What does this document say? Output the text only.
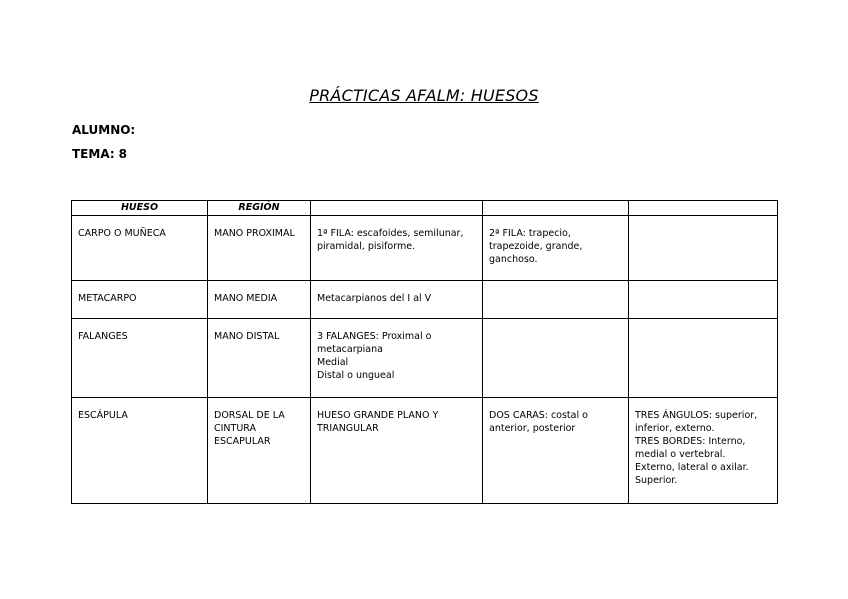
PRÁCTICAS AFALM: HUESOS
ALUMNO:
TEMA: 8
HUESO	REGIÓN			

CARPO O MUÑECA	MANO PROXIMAL	1ª FILA: escafoides, semilunar, piramidal, pisiforme.	2ª FILA: trapecio, trapezoide, grande, ganchoso.	

METACARPO	MANO MEDIA	Metacarpianos del I al V		

FALANGES	MANO DISTAL	3 FALANGES: Proximal o metacarpiana
Medial
Distal o ungueal		

ESCÁPULA	DORSAL DE LA CINTURA ESCAPULAR	HUESO GRANDE PLANO Y TRIANGULAR	DOS CARAS: costal o anterior, posterior	TRES ÁNGULOS: superior, inferior, externo.
TRES BORDES: Interno, medial o vertebral.
Externo, lateral o axilar.
Superior.
